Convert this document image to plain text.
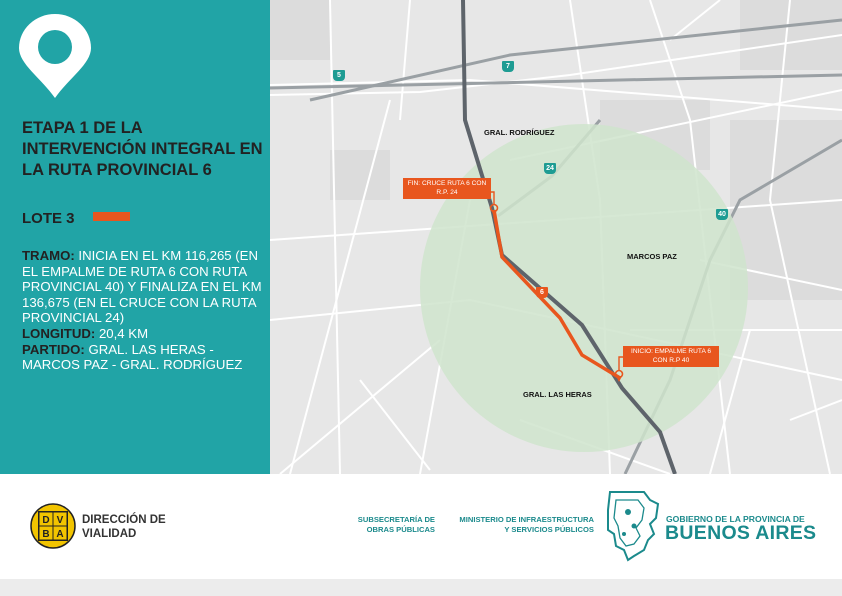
ETAPA 1 DE LA INTERVENCIÓN INTEGRAL EN LA RUTA PROVINCIAL 6
LOTE 3
TRAMO: INICIA EN EL KM 116,265 (EN EL EMPALME DE RUTA 6 CON RUTA PROVINCIAL 40) Y FINALIZA EN EL KM 136,675 (EN EL CRUCE CON LA RUTA PROVINCIAL 24)
LONGITUD: 20,4 KM
PARTIDO: GRAL. LAS HERAS - MARCOS PAZ - GRAL. RODRÍGUEZ
GRAL. RODRÍGUEZ
MARCOS PAZ
GRAL. LAS HERAS
5
7
24
40
6
FIN: CRUCE RUTA 6 CON R.P. 24
INICIO: EMPALME RUTA 6 CON R.P 40
D V
B A
DIRECCIÓN DE
VIALIDAD
SUBSECRETARÍA DE
OBRAS PÚBLICAS
MINISTERIO DE INFRAESTRUCTURA
Y SERVICIOS PÚBLICOS
GOBIERNO DE LA PROVINCIA DE
BUENOS AIRES
